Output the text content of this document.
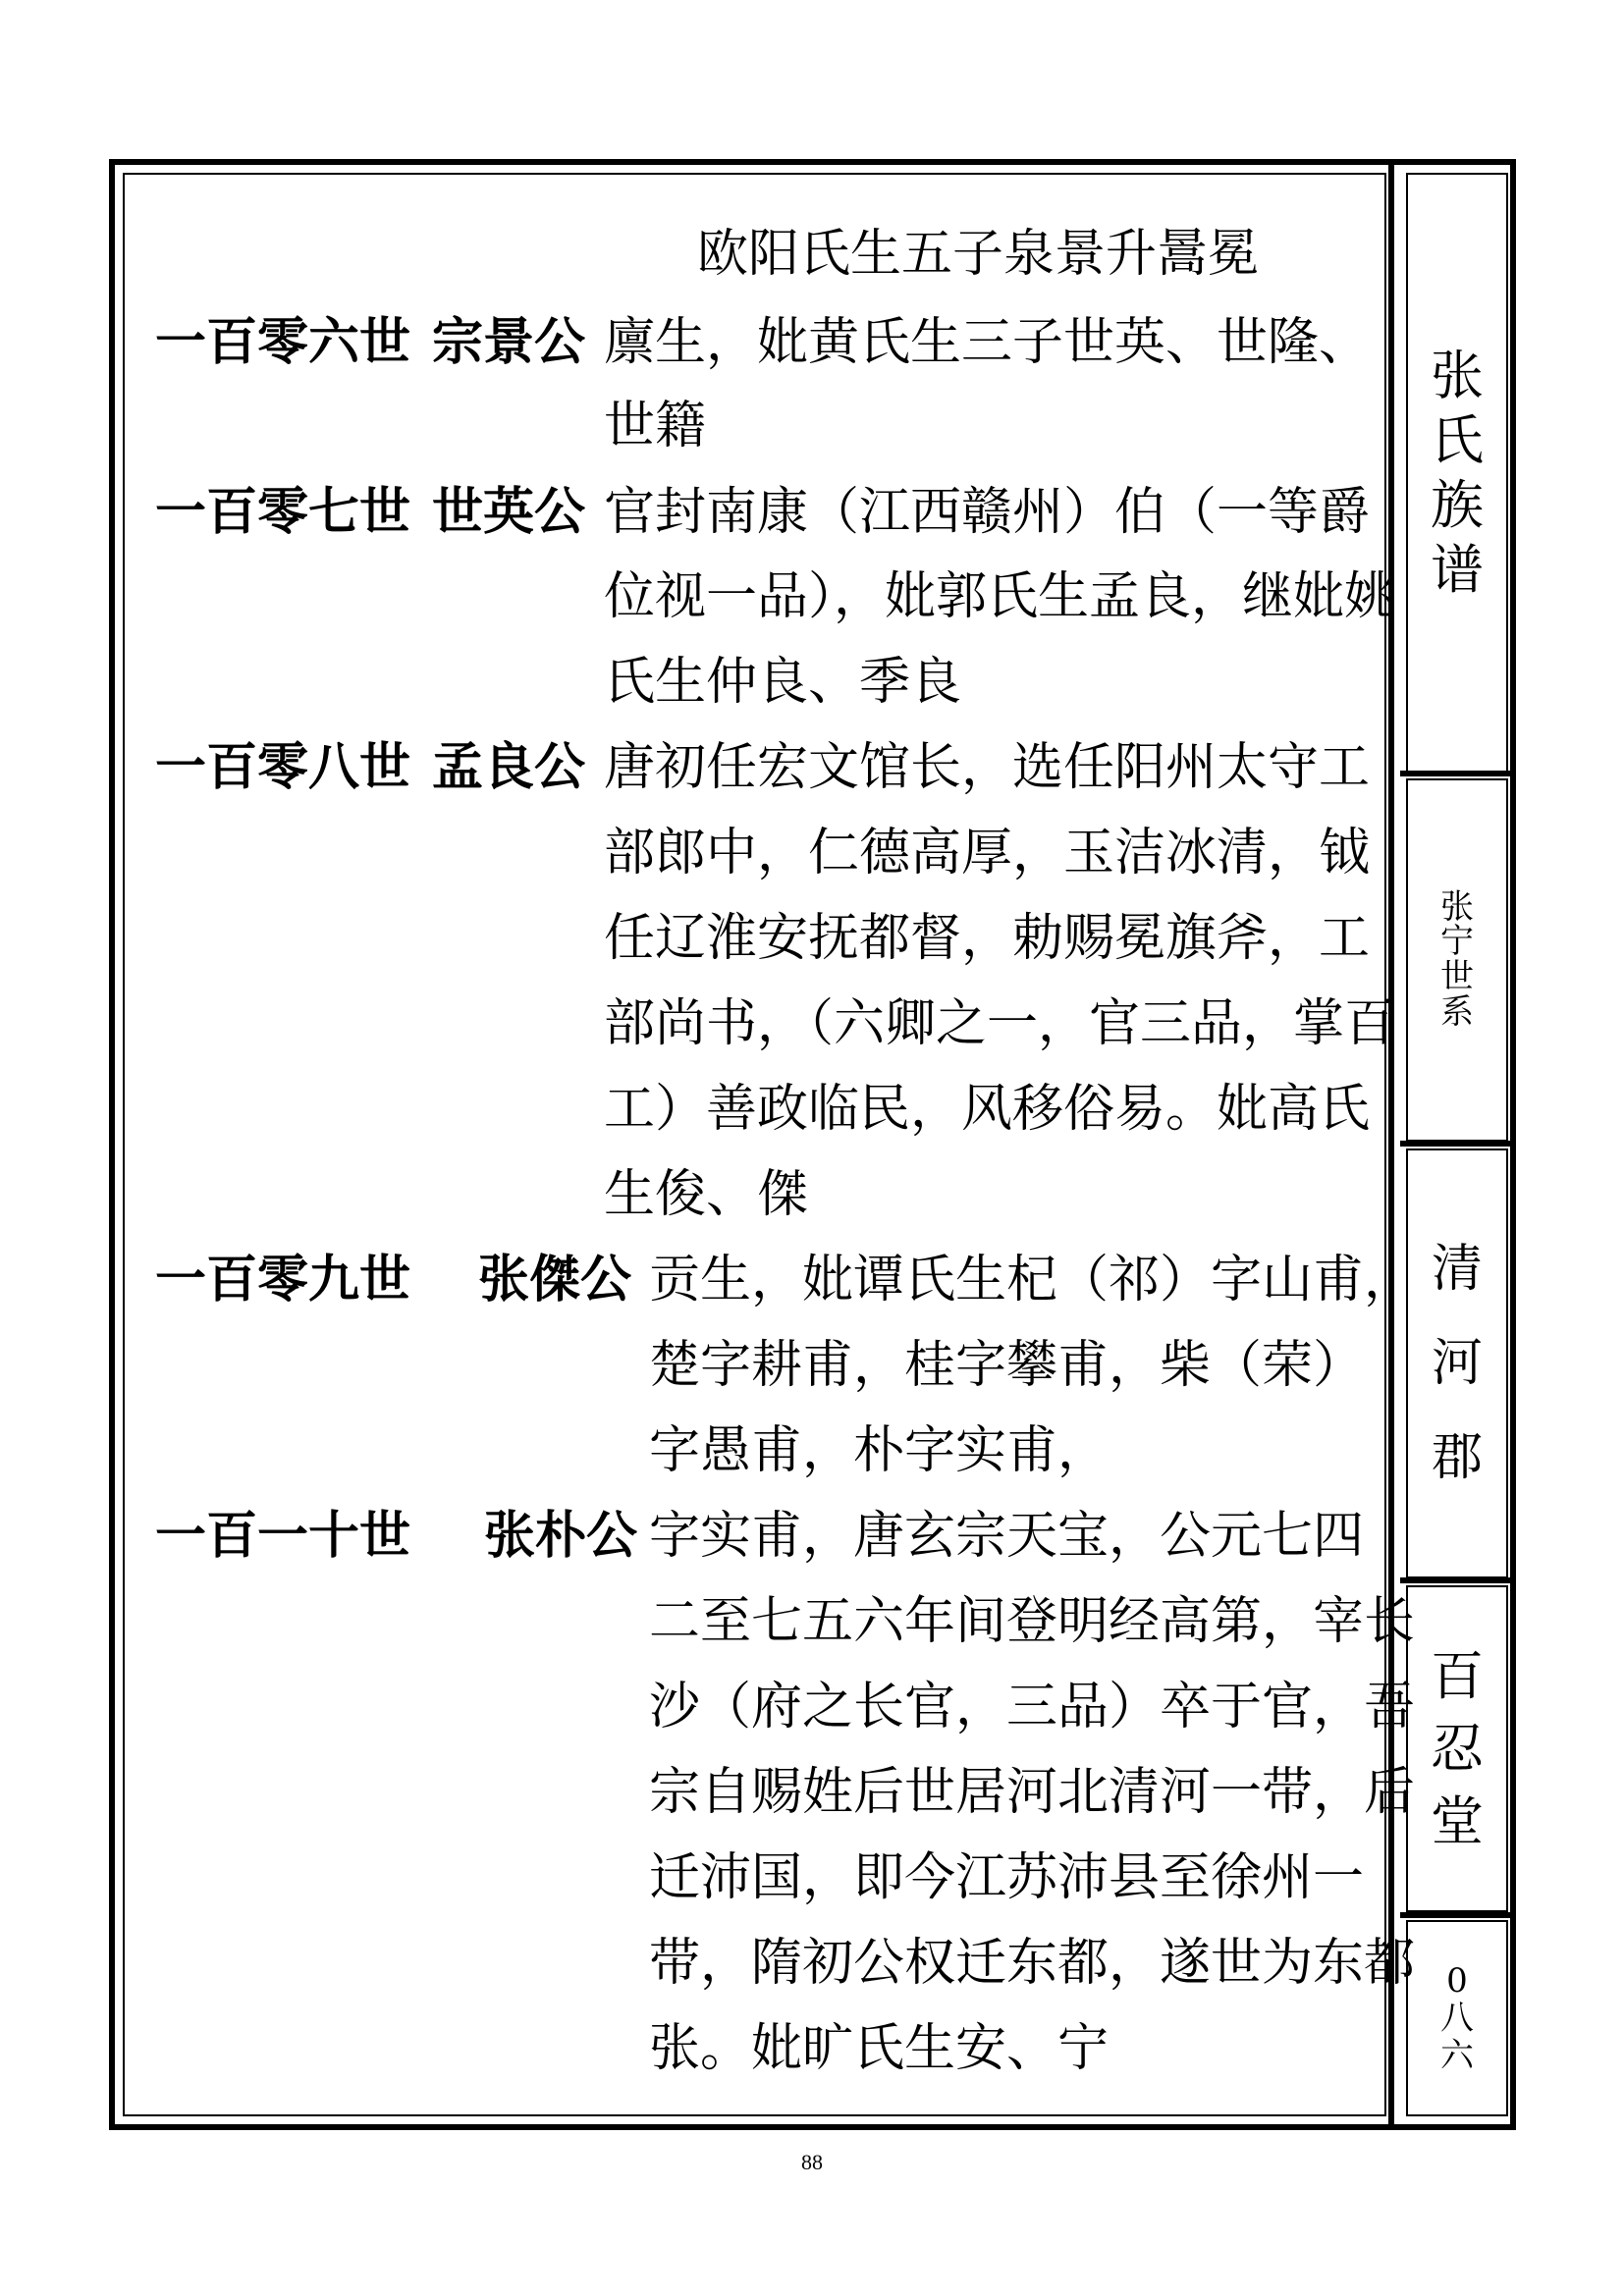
张
氏
族
谱
张
宁
世
系
清
河
郡
百
忍
堂
0
八
六
欧阳氏生五子泉景升暠冕
一百零六世 宗景公 廪生，妣黄氏生三子世英、世隆、
世籍
一百零七世 世英公 官封南康（江西赣州）伯（一等爵
位视一品），妣郭氏生孟良，继妣姚
氏生仲良、季良
一百零八世 孟良公 唐初任宏文馆长，选任阳州太守工
部郎中，仁德高厚，玉洁冰清，钺
任辽淮安抚都督，勅赐冕旗斧，工
部尚书，（六卿之一，官三品，掌百
工）善政临民，风移俗易。妣高氏
生俊、傑
一百零九世 张傑公 贡生，妣谭氏生杞（祁）字山甫，
楚字耕甫，桂字攀甫，柴（荣）
字愚甫，朴字实甫，
一百一十世 张朴公 字实甫，唐玄宗天宝，公元七四
二至七五六年间登明经高第，宰长
沙（府之长官，三品）卒于官，吾
宗自赐姓后世居河北清河一带，后
迁沛国，即今江苏沛县至徐州一
带，隋初公权迁东都，遂世为东都
张。妣旷氏生安、宁
88
